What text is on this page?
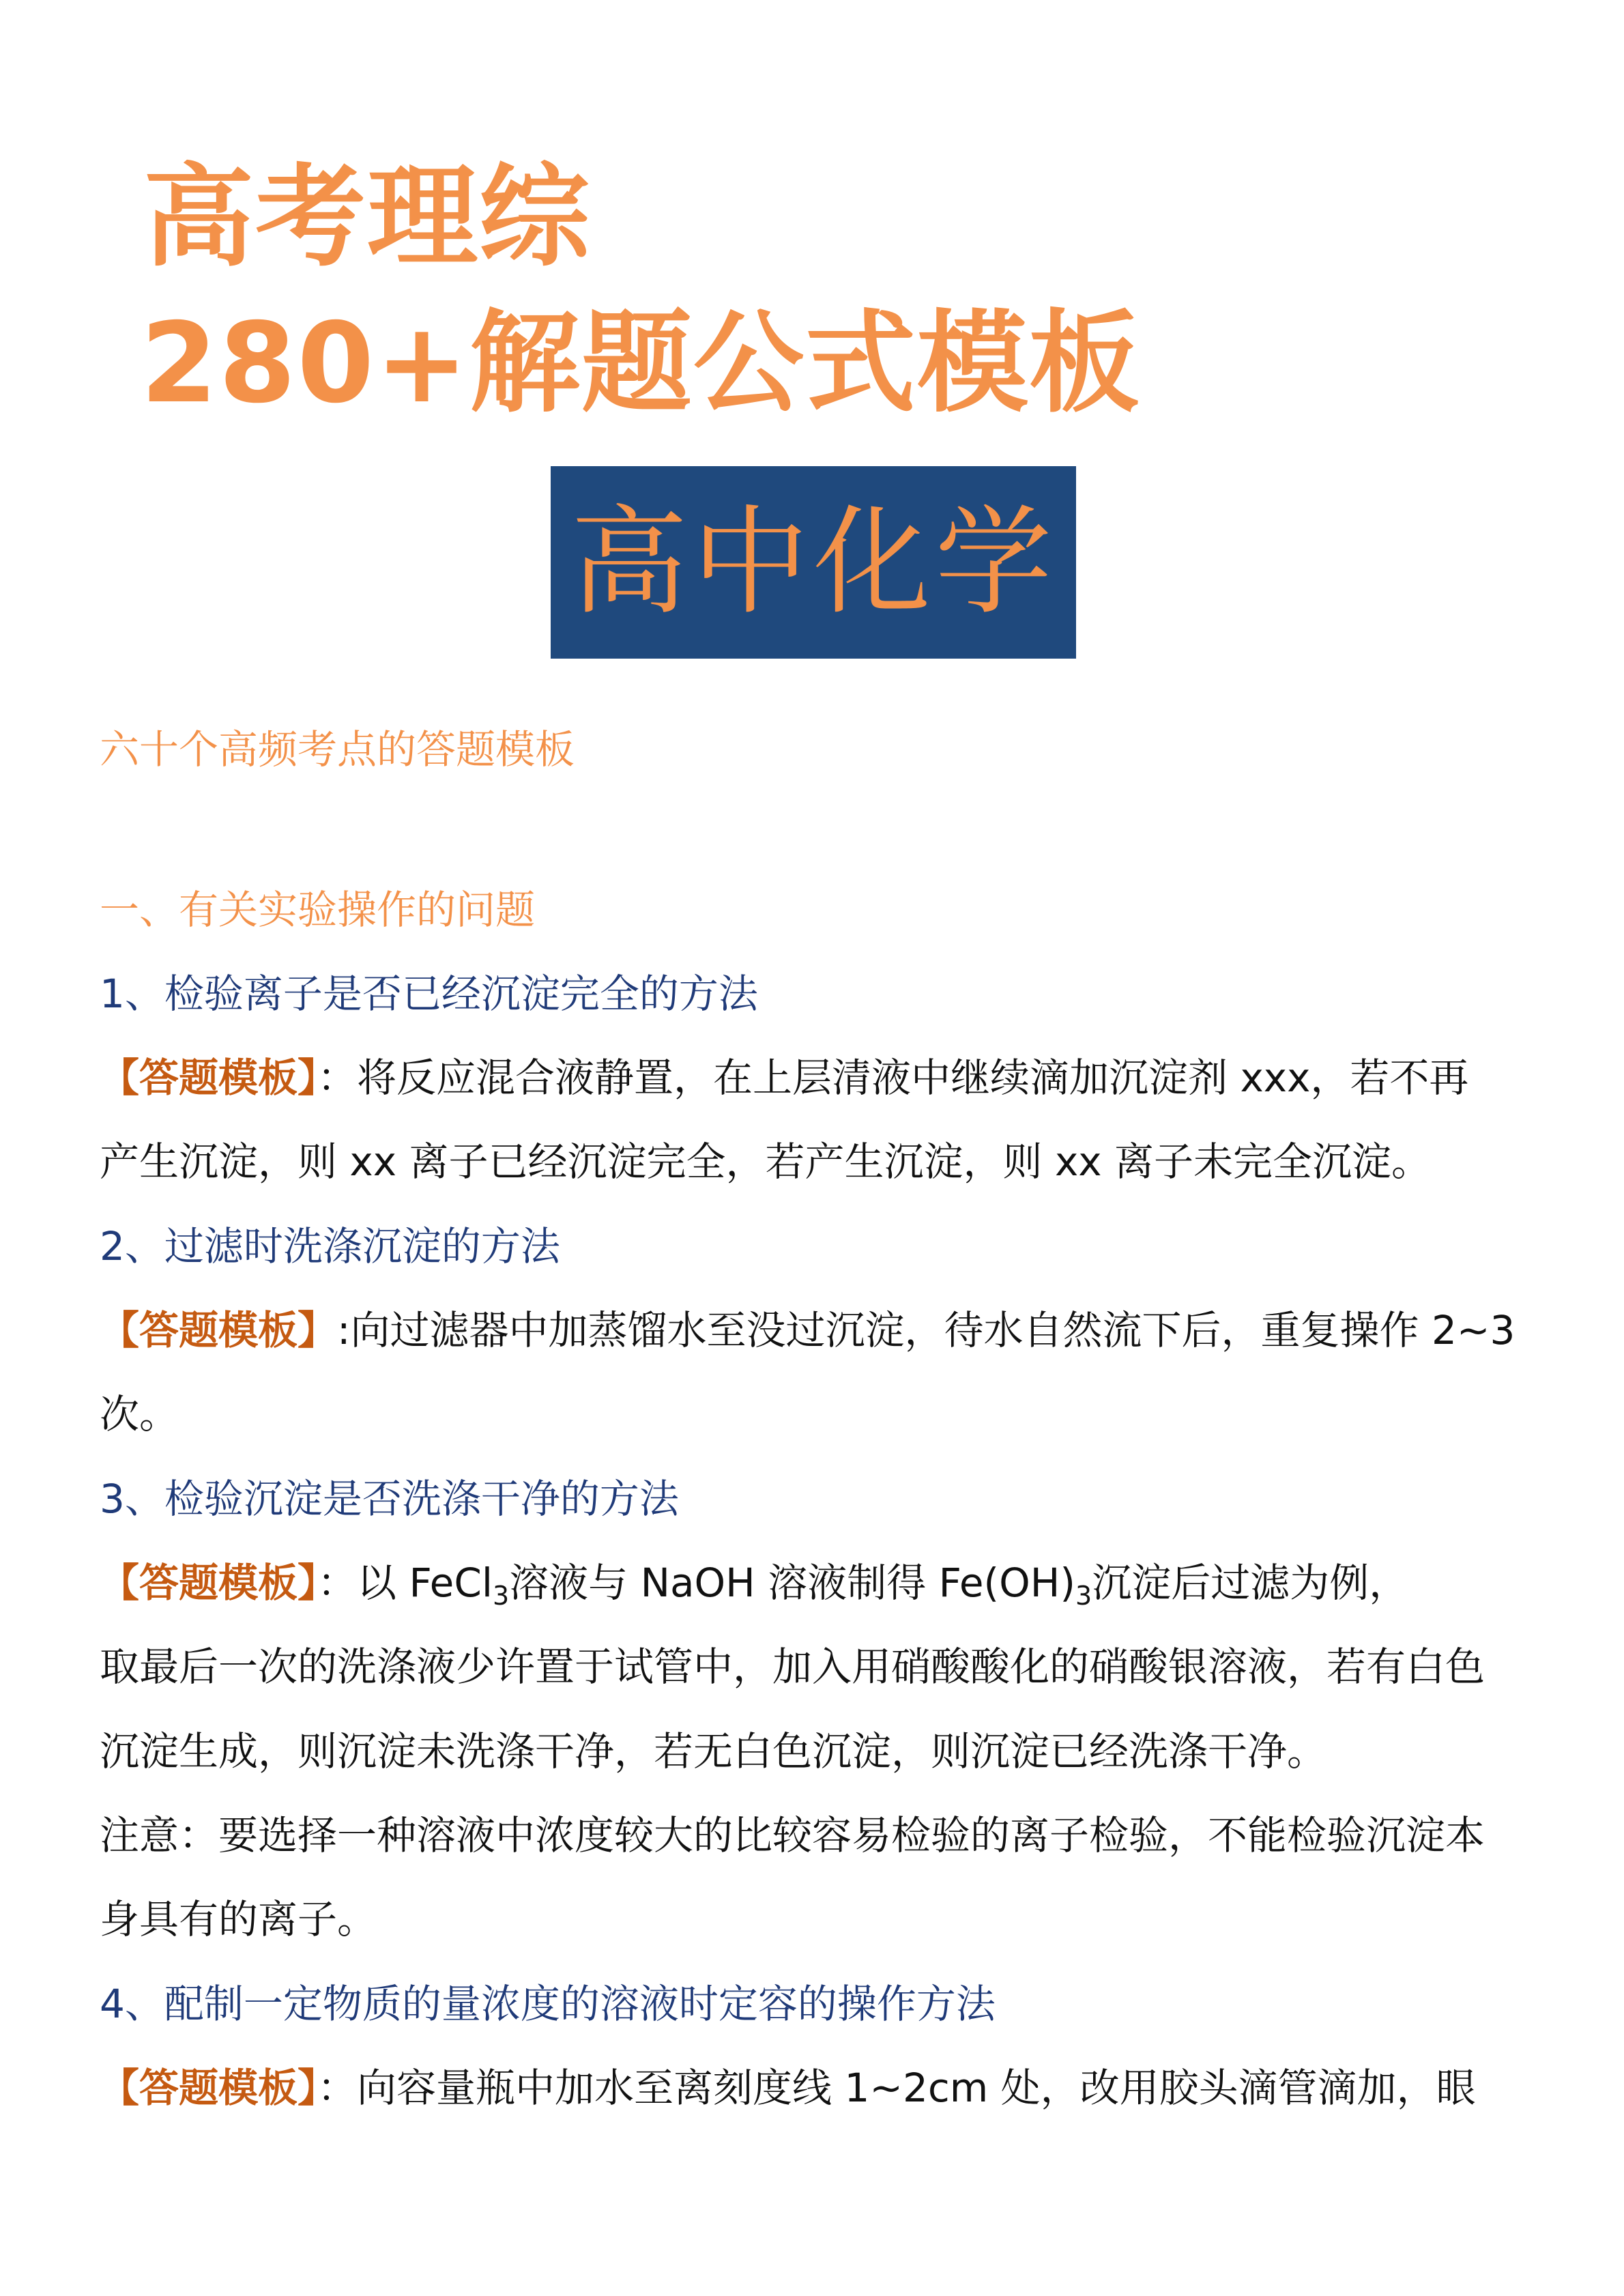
高考理综
280+解题公式模板
高中化学

六十个高频考点的答题模板

一、有关实验操作的问题

1、检验离子是否已经沉淀完全的方法

【答题模板】：将反应混合液静置，在上层清液中继续滴加沉淀剂 xxx，若不再

产生沉淀，则 xx 离子已经沉淀完全，若产生沉淀，则 xx 离子未完全沉淀。

2、过滤时洗涤沉淀的方法

【答题模板】:向过滤器中加蒸馏水至没过沉淀，待水自然流下后，重复操作 2~3

次。

3、检验沉淀是否洗涤干净的方法

【答题模板】：以 FeCl$_3$溶液与 NaOH 溶液制得 $Fe(OH)_3$沉淀后过滤为例，

取最后一次的洗涤液少许置于试管中，加入用硝酸酸化的硝酸银溶液，若有白色

沉淀生成，则沉淀未洗涤干净，若无白色沉淀，则沉淀已经洗涤干净。

注意：要选择一种溶液中浓度较大的比较容易检验的离子检验，不能检验沉淀本

身具有的离子。

4、配制一定物质的量浓度的溶液时定容的操作方法

【答题模板】：向容量瓶中加水至离刻度线 1~2cm 处，改用胶头滴管滴加，眼
